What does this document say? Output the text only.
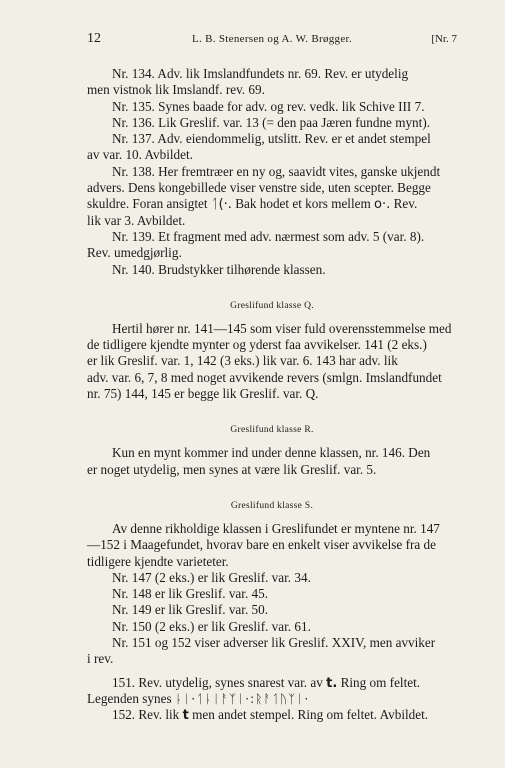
12	L. B. Stenersen og A. W. Brøgger.	[Nr. 7
Nr. 134. Adv. lik Imslandfundets nr. 69. Rev. er utydelig
men vistnok lik Imslandf. rev. 69.
Nr. 135. Synes baade for adv. og rev. vedk. lik Schive III 7.
Nr. 136. Lik Greslif. var. 13 (= den paa Jæren fundne mynt).
Nr. 137. Adv. eiendommelig, utslitt. Rev. er et andet stempel
av var. 10. Avbildet.
Nr. 138. Her fremtræer en ny og, saavidt vites, ganske ukjendt
advers. Dens kongebillede viser venstre side, uten scepter. Begge
skuldre. Foran ansigtet ᛐ(·. Bak hodet et kors mellem o·. Rev.
lik var 3. Avbildet.
Nr. 139. Et fragment med adv. nærmest som adv. 5 (var. 8).
Rev. umedgjørlig.
Nr. 140. Brudstykker tilhørende klassen.
Greslifund klasse Q.
Hertil hører nr. 141—145 som viser fuld overensstemmelse med
de tidligere kjendte mynter og yderst faa avvikelser. 141 (2 eks.)
er lik Greslif. var. 1, 142 (3 eks.) lik var. 6. 143 har adv. lik
adv. var. 6, 7, 8 med noget avvikende revers (smlgn. Imslandfundet
nr. 75) 144, 145 er begge lik Greslif. var. Q.
Greslifund klasse R.
Kun en mynt kommer ind under denne klassen, nr. 146. Den
er noget utydelig, men synes at være lik Greslif. var. 5.
Greslifund klasse S.
Av denne rikholdige klassen i Greslifundet er myntene nr. 147
—152 i Maagefundet, hvorav bare en enkelt viser avvikelse fra de
tidligere kjendte varieteter.
Nr. 147 (2 eks.) er lik Greslif. var. 34.
Nr. 148 er lik Greslif. var. 45.
Nr. 149 er lik Greslif. var. 50.
Nr. 150 (2 eks.) er lik Greslif. var. 61.
Nr. 151 og 152 viser adverser lik Greslif. XXIV, men avviker
i rev.
151. Rev. utydelig, synes snarest var. av t. Ring om feltet.
Legenden synes ᚿᛁ·ᛐᚿᛁᚨᛉᛁ·:ᚱᚨᛐᚢᛉᛁ·
152. Rev. lik t men andet stempel. Ring om feltet. Avbildet.
